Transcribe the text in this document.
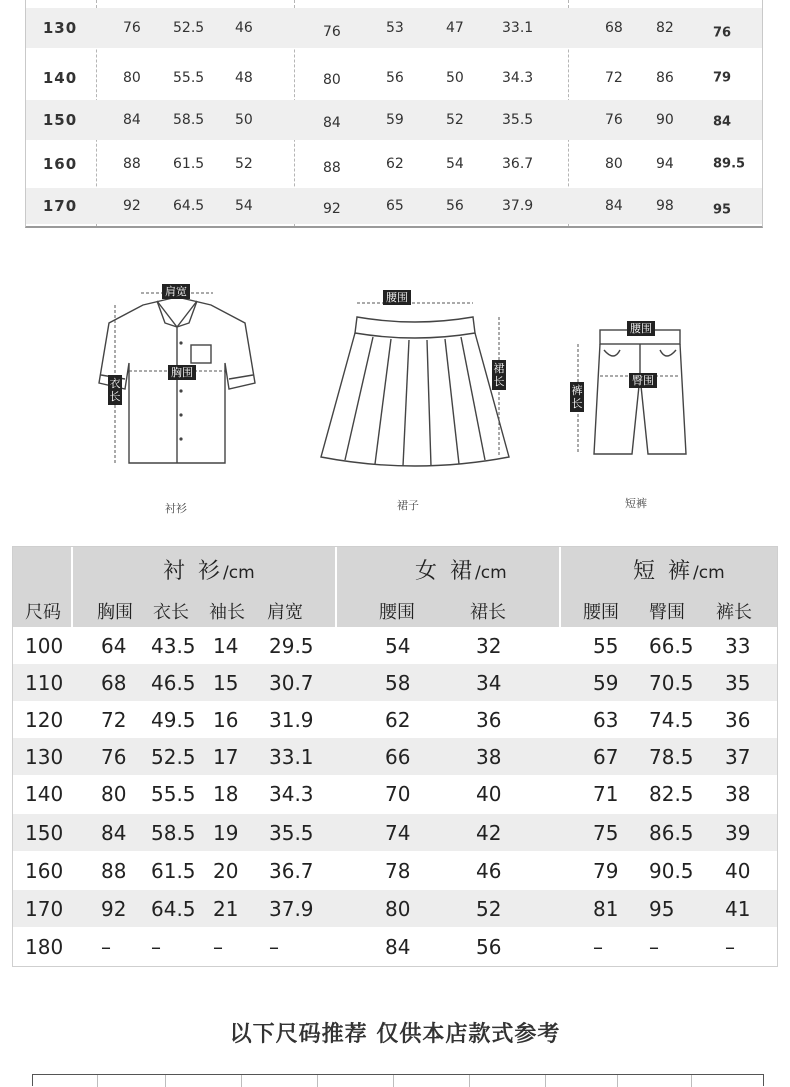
130	76 52.5 46	76	53	47	33.1	68 82	76
140	80 55.5 48	80	56	50	34.3	72 86	79
150	84 58.5 50	84	59	52	35.5	76 90	84
160	88 61.5 52	88	62	54	36.7	80 94	89.5
170	92 64.5 54	92	65	56	37.9	84 98	95
肩宽
胸围
衣长
衬衫
腰围
裙长
裙子
腰围
臀围
裤长
短裤
衬 衫/cm	女 裙/cm	短 裤/cm
尺码 胸围 衣长 袖长 肩宽	腰围	裙长	腰围 臀围 裤长
100 64 43.5 14 29.5	54	32	55 66.5 33
110 68 46.5 15 30.7	58	34	59 70.5 35
120 72 49.5 16 31.9	62	36	63 74.5 36
130 76 52.5 17 33.1	66	38	67 78.5 37
140 80 55.5 18 34.3	70	40	71 82.5 38
150 84 58.5 19 35.5	74	42	75 86.5 39
160 88 61.5 20 36.7	78	46	79 90.5 40
170 92 64.5 21 37.9	80	52	81 95	41
180 – –	– –	84	56	– –	–
以下尺码推荐 仅供本店款式参考
